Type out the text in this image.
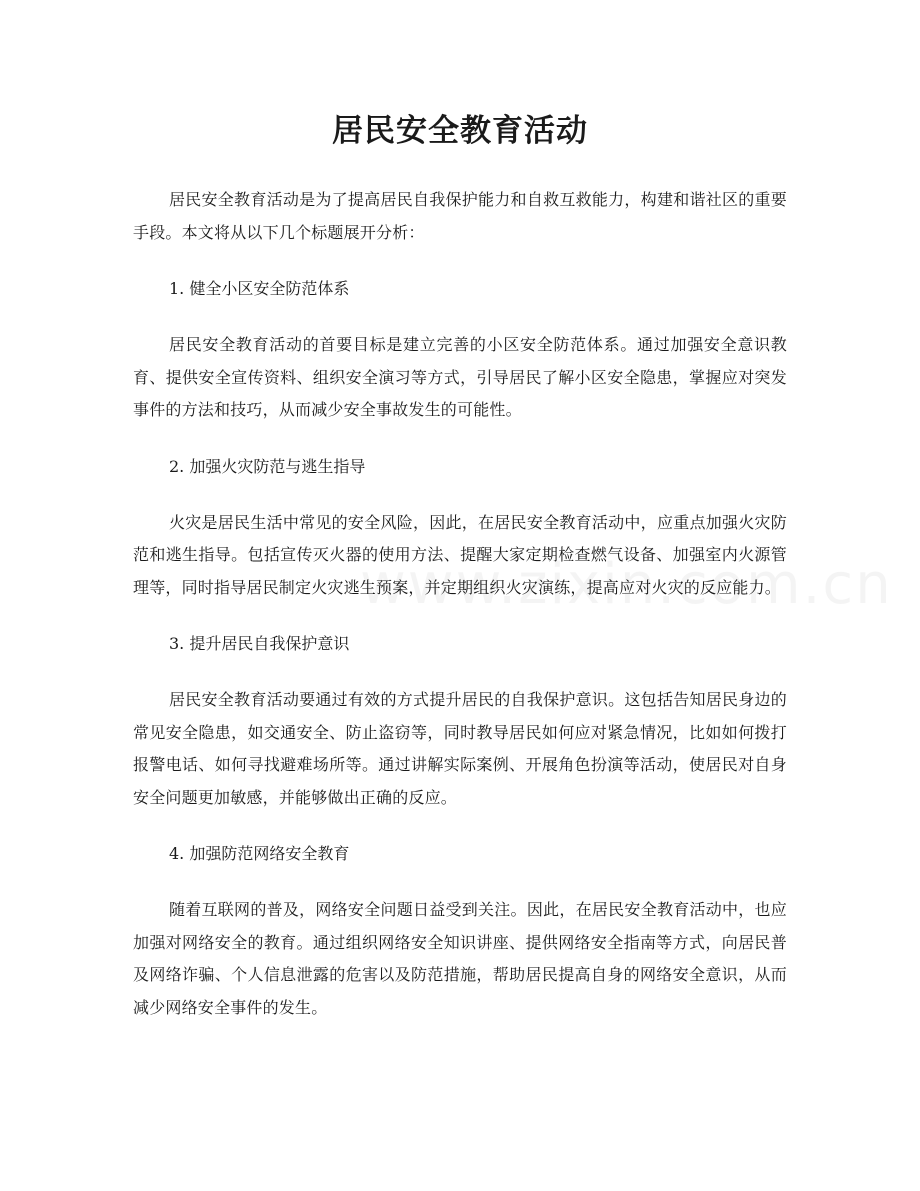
居民安全教育活动

居民安全教育活动是为了提高居民自我保护能力和自救互救能力，构建和谐社区的重要手段。本文将从以下几个标题展开分析：

1. 健全小区安全防范体系

居民安全教育活动的首要目标是建立完善的小区安全防范体系。通过加强安全意识教育、提供安全宣传资料、组织安全演习等方式，引导居民了解小区安全隐患，掌握应对突发事件的方法和技巧，从而减少安全事故发生的可能性。

2. 加强火灾防范与逃生指导

火灾是居民生活中常见的安全风险，因此，在居民安全教育活动中，应重点加强火灾防范和逃生指导。包括宣传灭火器的使用方法、提醒大家定期检查燃气设备、加强室内火源管理等，同时指导居民制定火灾逃生预案，并定期组织火灾演练，提高应对火灾的反应能力。

3. 提升居民自我保护意识

居民安全教育活动要通过有效的方式提升居民的自我保护意识。这包括告知居民身边的常见安全隐患，如交通安全、防止盗窃等，同时教导居民如何应对紧急情况，比如如何拨打报警电话、如何寻找避难场所等。通过讲解实际案例、开展角色扮演等活动，使居民对自身安全问题更加敏感，并能够做出正确的反应。

4. 加强防范网络安全教育

随着互联网的普及，网络安全问题日益受到关注。因此，在居民安全教育活动中，也应加强对网络安全的教育。通过组织网络安全知识讲座、提供网络安全指南等方式，向居民普及网络诈骗、个人信息泄露的危害以及防范措施，帮助居民提高自身的网络安全意识，从而减少网络安全事件的发生。
